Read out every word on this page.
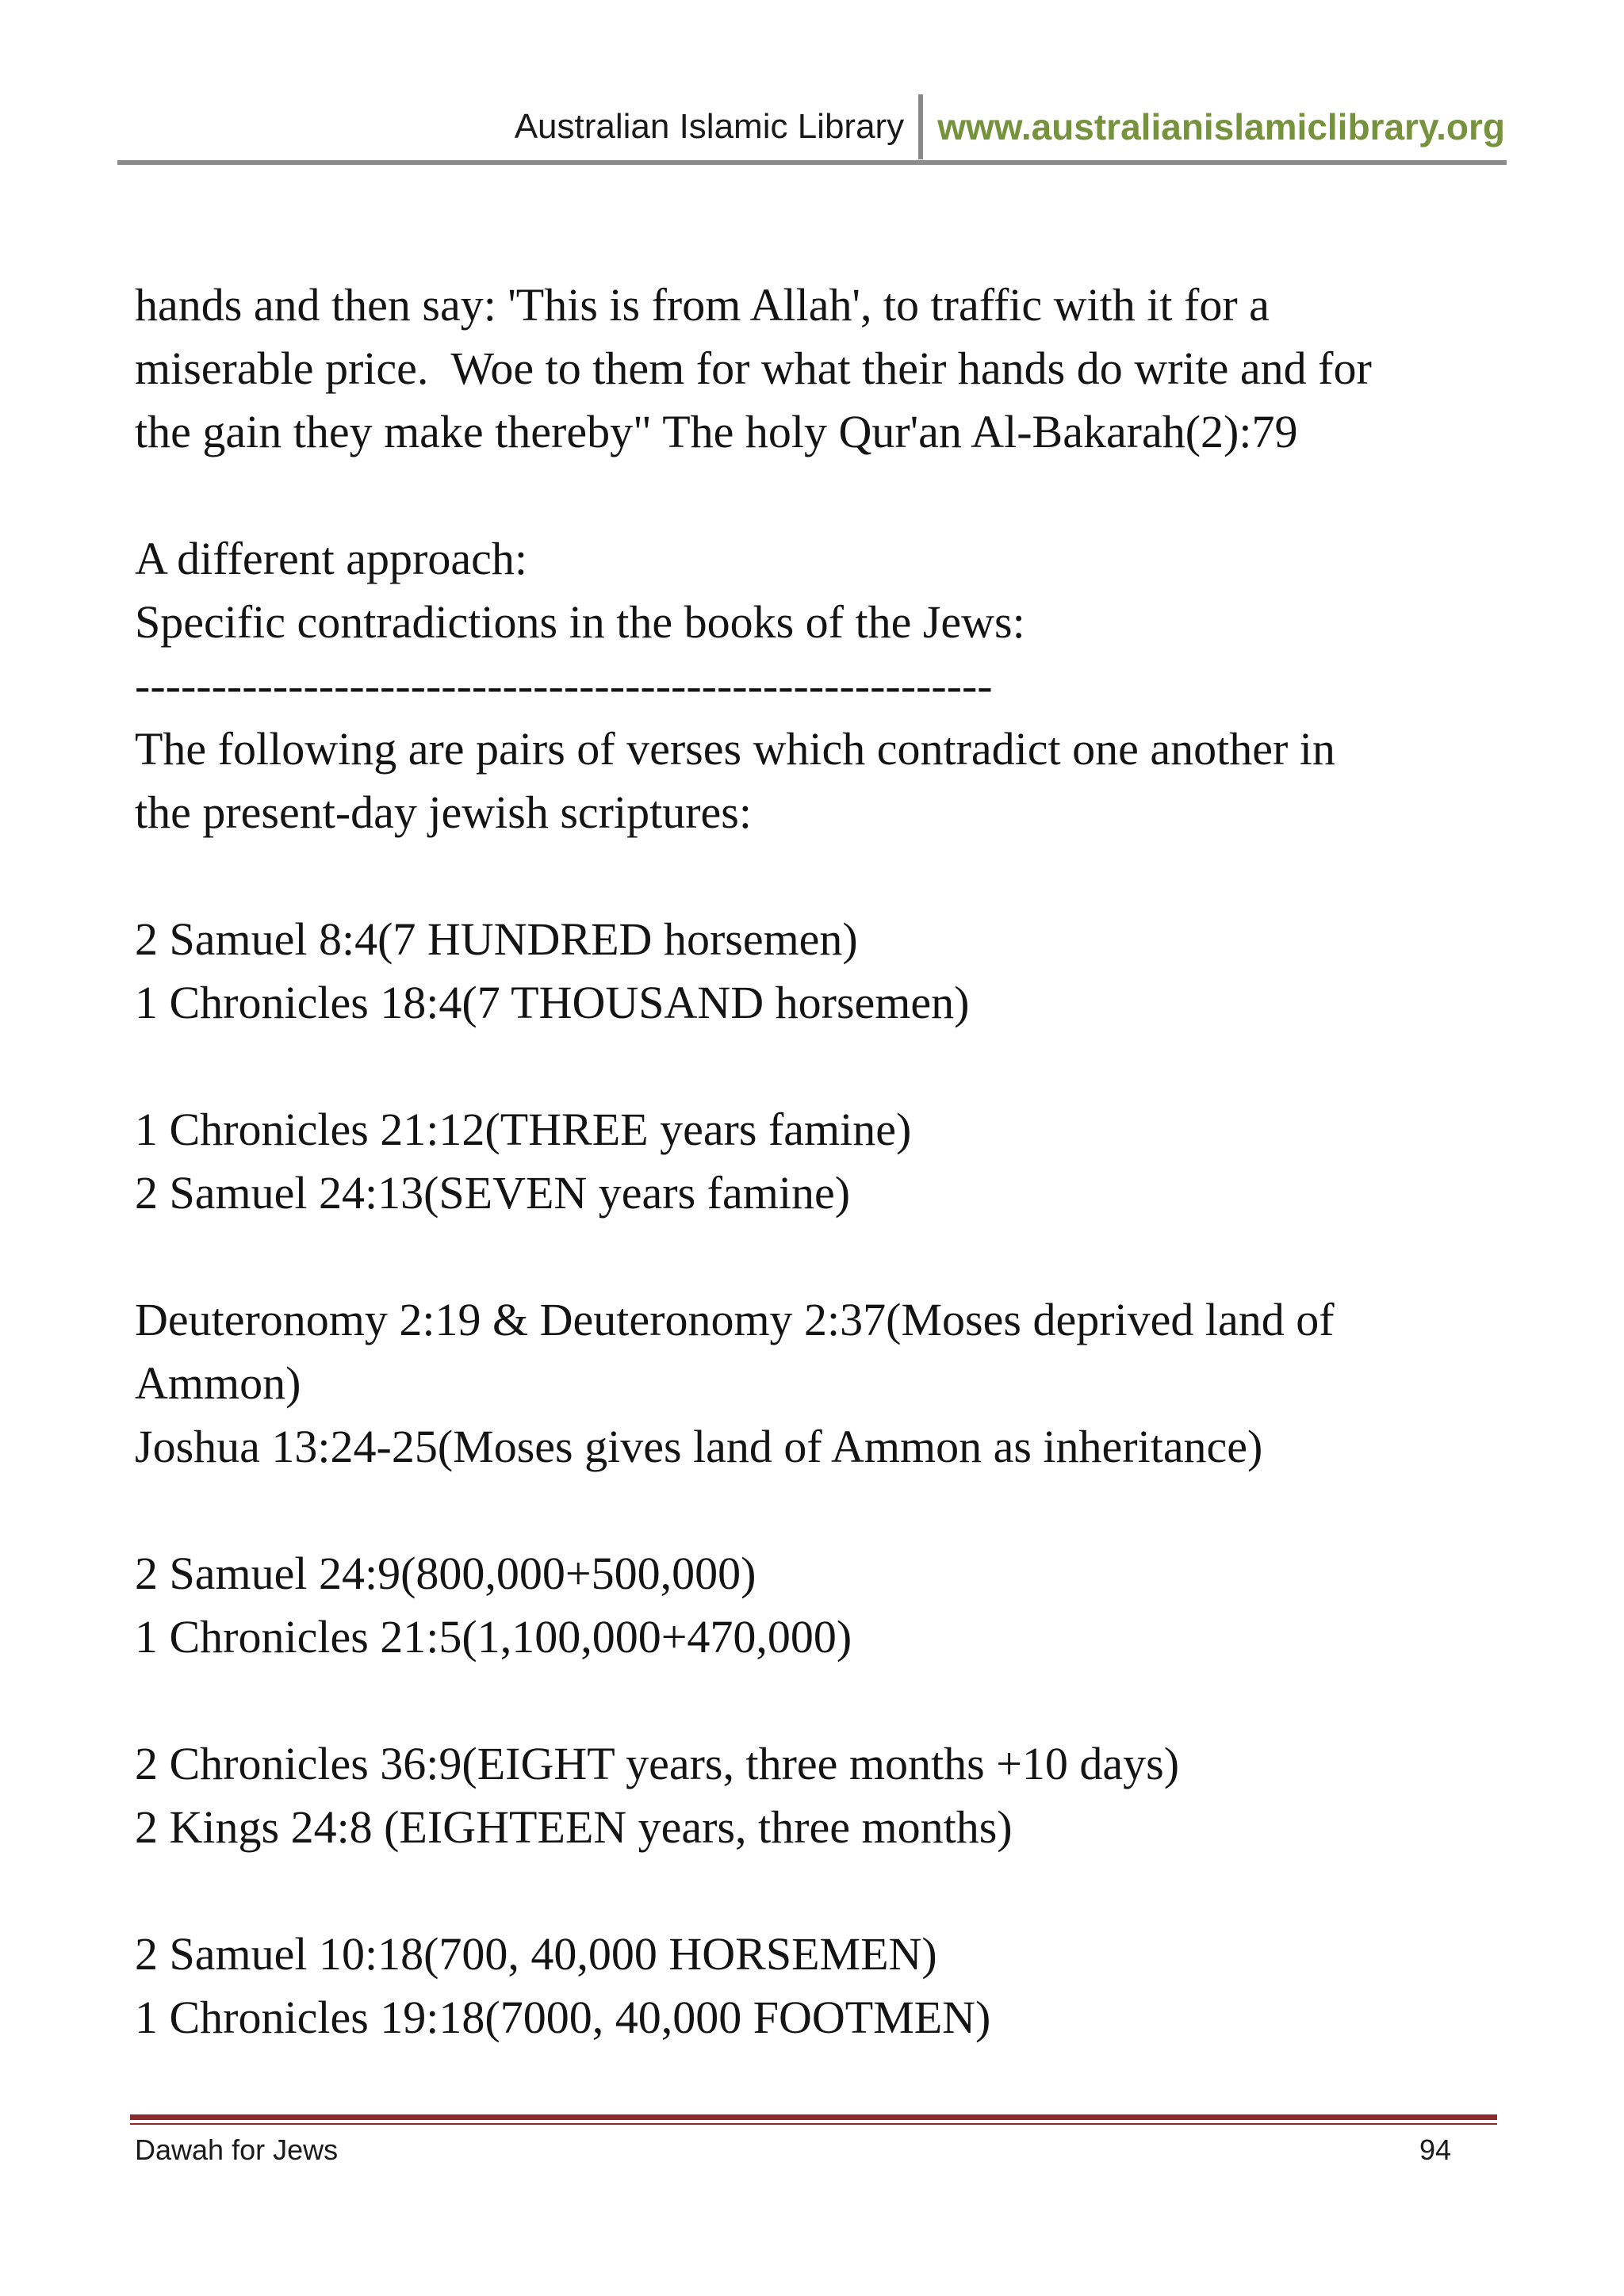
Australian Islamic Library www.australianislamiclibrary.org
hands and then say: 'This is from Allah', to traffic with it for a
miserable price.  Woe to them for what their hands do write and for
the gain they make thereby" The holy Qur'an Al-Bakarah(2):79
A different approach:
Specific contradictions in the books of the Jews:
--------------------------------------------------------
The following are pairs of verses which contradict one another in
the present-day jewish scriptures:
2 Samuel 8:4(7 HUNDRED horsemen)
1 Chronicles 18:4(7 THOUSAND horsemen)
1 Chronicles 21:12(THREE years famine)
2 Samuel 24:13(SEVEN years famine)
Deuteronomy 2:19 & Deuteronomy 2:37(Moses deprived land of
Ammon)
Joshua 13:24-25(Moses gives land of Ammon as inheritance)
2 Samuel 24:9(800,000+500,000)
1 Chronicles 21:5(1,100,000+470,000)
2 Chronicles 36:9(EIGHT years, three months +10 days)
2 Kings 24:8 (EIGHTEEN years, three months)
2 Samuel 10:18(700, 40,000 HORSEMEN)
1 Chronicles 19:18(7000, 40,000 FOOTMEN)
Dawah for Jews	94
